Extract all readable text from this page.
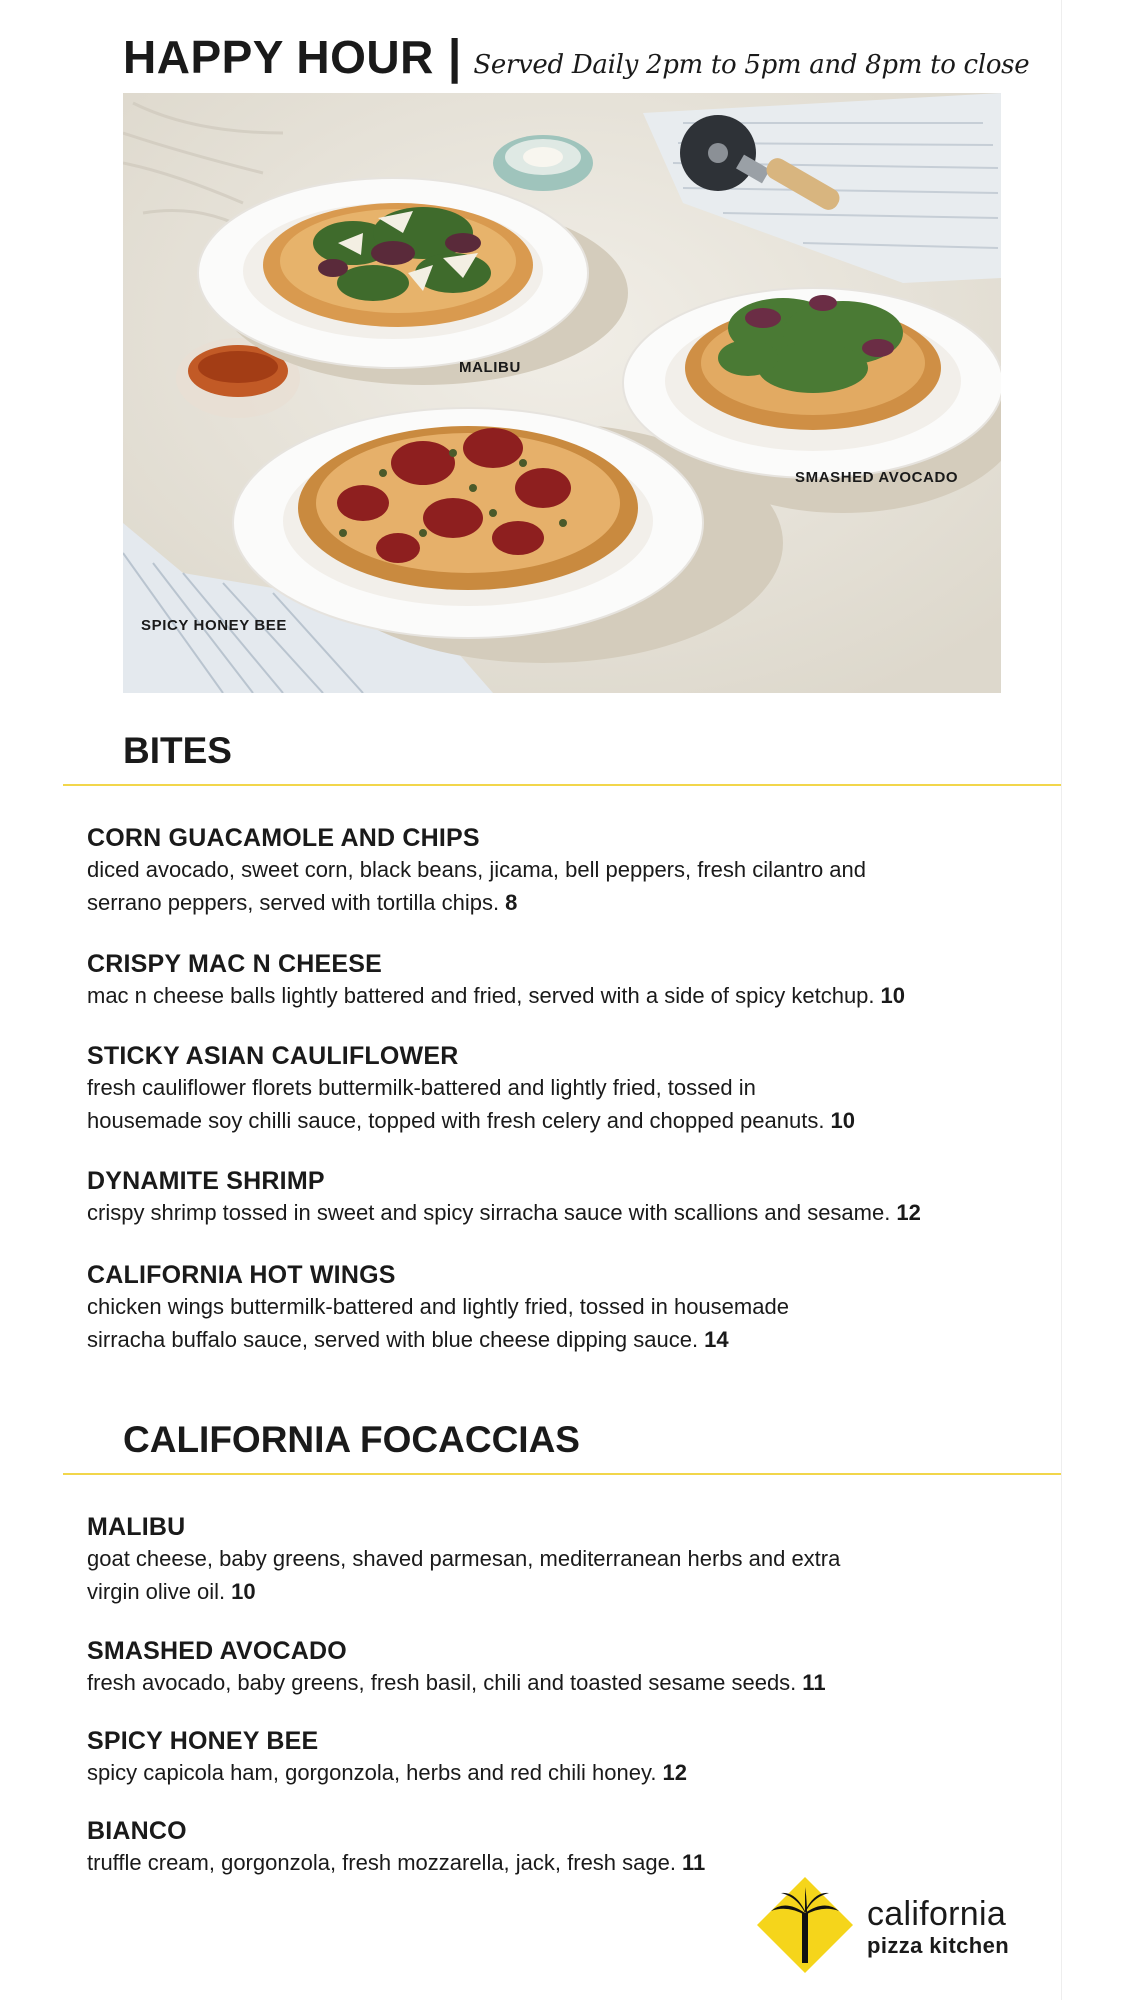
HAPPY HOUR | Served Daily 2pm to 5pm and 8pm to close
MALIBU
SMASHED AVOCADO
SPICY HONEY BEE
BITES
CORN GUACAMOLE AND CHIPS
diced avocado, sweet corn, black beans, jicama, bell peppers, fresh cilantro and
serrano peppers, served with tortilla chips. 8
CRISPY MAC N CHEESE
mac n cheese balls lightly battered and fried, served with a side of spicy ketchup. 10
STICKY ASIAN CAULIFLOWER
fresh cauliflower florets buttermilk-battered and lightly fried, tossed in
housemade soy chilli sauce, topped with fresh celery and chopped peanuts. 10
DYNAMITE SHRIMP
crispy shrimp tossed in sweet and spicy sirracha sauce with scallions and sesame. 12
CALIFORNIA HOT WINGS
chicken wings buttermilk-battered and lightly fried, tossed in housemade
sirracha buffalo sauce, served with blue cheese dipping sauce. 14
CALIFORNIA FOCACCIAS
MALIBU
goat cheese, baby greens, shaved parmesan, mediterranean herbs and extra
virgin olive oil. 10
SMASHED AVOCADO
fresh avocado, baby greens, fresh basil, chili and toasted sesame seeds. 11
SPICY HONEY BEE
spicy capicola ham, gorgonzola, herbs and red chili honey. 12
BIANCO
truffle cream, gorgonzola, fresh mozzarella, jack, fresh sage. 11
california
pizza kitchen
